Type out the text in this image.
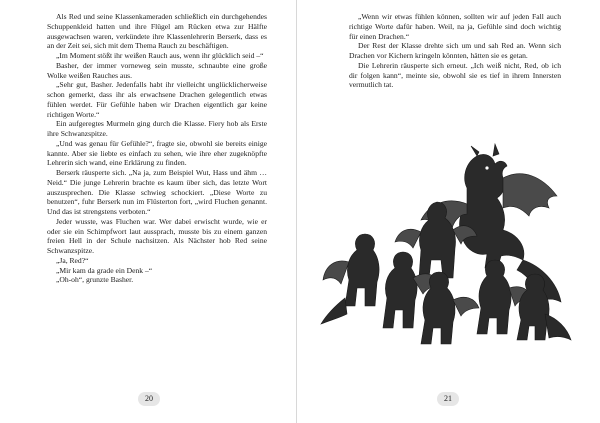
Als Red und seine Klassenkameraden schließlich ein durchgehendes Schuppenkleid hatten und ihre Flügel am Rücken etwa zur Hälfte ausgewachsen waren, verkündete ihre Klassenlehrerin Berserk, dass es an der Zeit sei, sich mit dem Thema Rauch zu beschäftigen.

„Im Moment stößt ihr weißen Rauch aus, wenn ihr glücklich seid –“

Basher, der immer vorneweg sein musste, schnaubte eine große Wolke weißen Rauches aus.

„Sehr gut, Basher. Jedenfalls habt ihr vielleicht unglücklicherweise schon gemerkt, dass ihr als erwachsene Drachen gelegentlich etwas fühlen werdet. Für Gefühle haben wir Drachen eigentlich gar keine richtigen Worte.“

Ein aufgeregtes Murmeln ging durch die Klasse. Fiery hob als Erste ihre Schwanzspitze.

„Und was genau für Gefühle?“, fragte sie, obwohl sie bereits einige kannte. Aber sie liebte es einfach zu sehen, wie ihre eher zugeknöpfte Lehrerin sich wand, eine Erklärung zu finden.

Berserk räusperte sich. „Na ja, zum Beispiel Wut, Hass und ähm … Neid.“ Die junge Lehrerin brachte es kaum über sich, das letzte Wort auszusprechen. Die Klasse schwieg schockiert. „Diese Worte zu benutzen“, fuhr Berserk nun im Flüsterton fort, „wird Fluchen genannt. Und das ist strengstens verboten.“

Jeder wusste, was Fluchen war. Wer dabei erwischt wurde, wie er oder sie ein Schimpfwort laut aussprach, musste bis zu einem ganzen freien Hell in der Schule nachsitzen. Als Nächster hob Red seine Schwanzspitze.

„Ja, Red?“

„Mir kam da grade ein Denk –“

„Oh-oh“, grunzte Basher.

20

„Wenn wir etwas fühlen können, sollten wir auf jeden Fall auch richtige Worte dafür haben. Weil, na ja, Gefühle sind doch wichtig für einen Drachen.“

Der Rest der Klasse drehte sich um und sah Red an. Wenn sich Drachen vor Kichern kringeln könnten, hätten sie es getan.

Die Lehrerin räusperte sich erneut. „Ich weiß nicht, Red, ob ich dir folgen kann“, meinte sie, obwohl sie es tief in ihrem Innersten vermutlich tat.

21
